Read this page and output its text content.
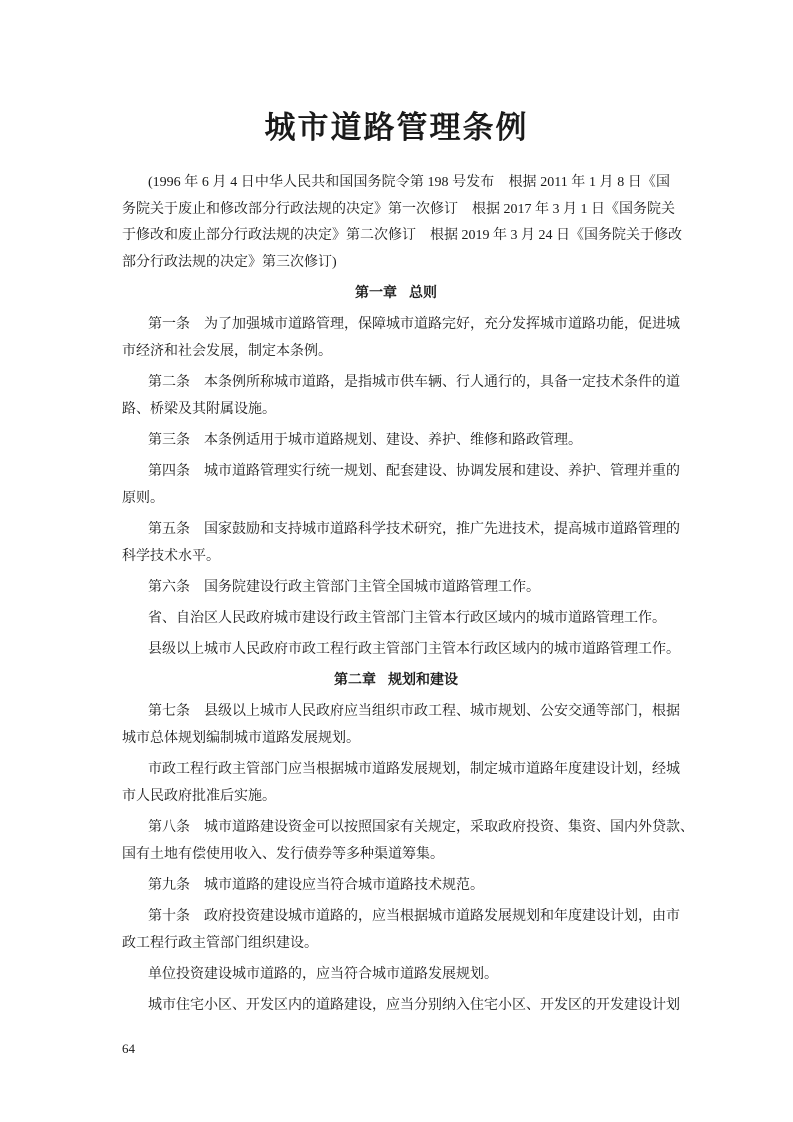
城市道路管理条例
(1996 年 6 月 4 日中华人民共和国国务院令第 198 号发布　根据 2011 年 1 月 8 日《国
务院关于废止和修改部分行政法规的决定》第一次修订　根据 2017 年 3 月 1 日《国务院关
于修改和废止部分行政法规的决定》第二次修订　根据 2019 年 3 月 24 日《国务院关于修改
部分行政法规的决定》第三次修订)
第一章 总则
第一条　为了加强城市道路管理，保障城市道路完好，充分发挥城市道路功能，促进城
市经济和社会发展，制定本条例。
第二条　本条例所称城市道路，是指城市供车辆、行人通行的，具备一定技术条件的道
路、桥梁及其附属设施。
第三条　本条例适用于城市道路规划、建设、养护、维修和路政管理。
第四条　城市道路管理实行统一规划、配套建设、协调发展和建设、养护、管理并重的
原则。
第五条　国家鼓励和支持城市道路科学技术研究，推广先进技术，提高城市道路管理的
科学技术水平。
第六条　国务院建设行政主管部门主管全国城市道路管理工作。
省、自治区人民政府城市建设行政主管部门主管本行政区域内的城市道路管理工作。
县级以上城市人民政府市政工程行政主管部门主管本行政区域内的城市道路管理工作。
第二章 规划和建设
第七条　县级以上城市人民政府应当组织市政工程、城市规划、公安交通等部门，根据
城市总体规划编制城市道路发展规划。
市政工程行政主管部门应当根据城市道路发展规划，制定城市道路年度建设计划，经城
市人民政府批准后实施。
第八条　城市道路建设资金可以按照国家有关规定，采取政府投资、集资、国内外贷款、
国有土地有偿使用收入、发行债券等多种渠道筹集。
第九条　城市道路的建设应当符合城市道路技术规范。
第十条　政府投资建设城市道路的，应当根据城市道路发展规划和年度建设计划，由市
政工程行政主管部门组织建设。
单位投资建设城市道路的，应当符合城市道路发展规划。
城市住宅小区、开发区内的道路建设，应当分别纳入住宅小区、开发区的开发建设计划
64
